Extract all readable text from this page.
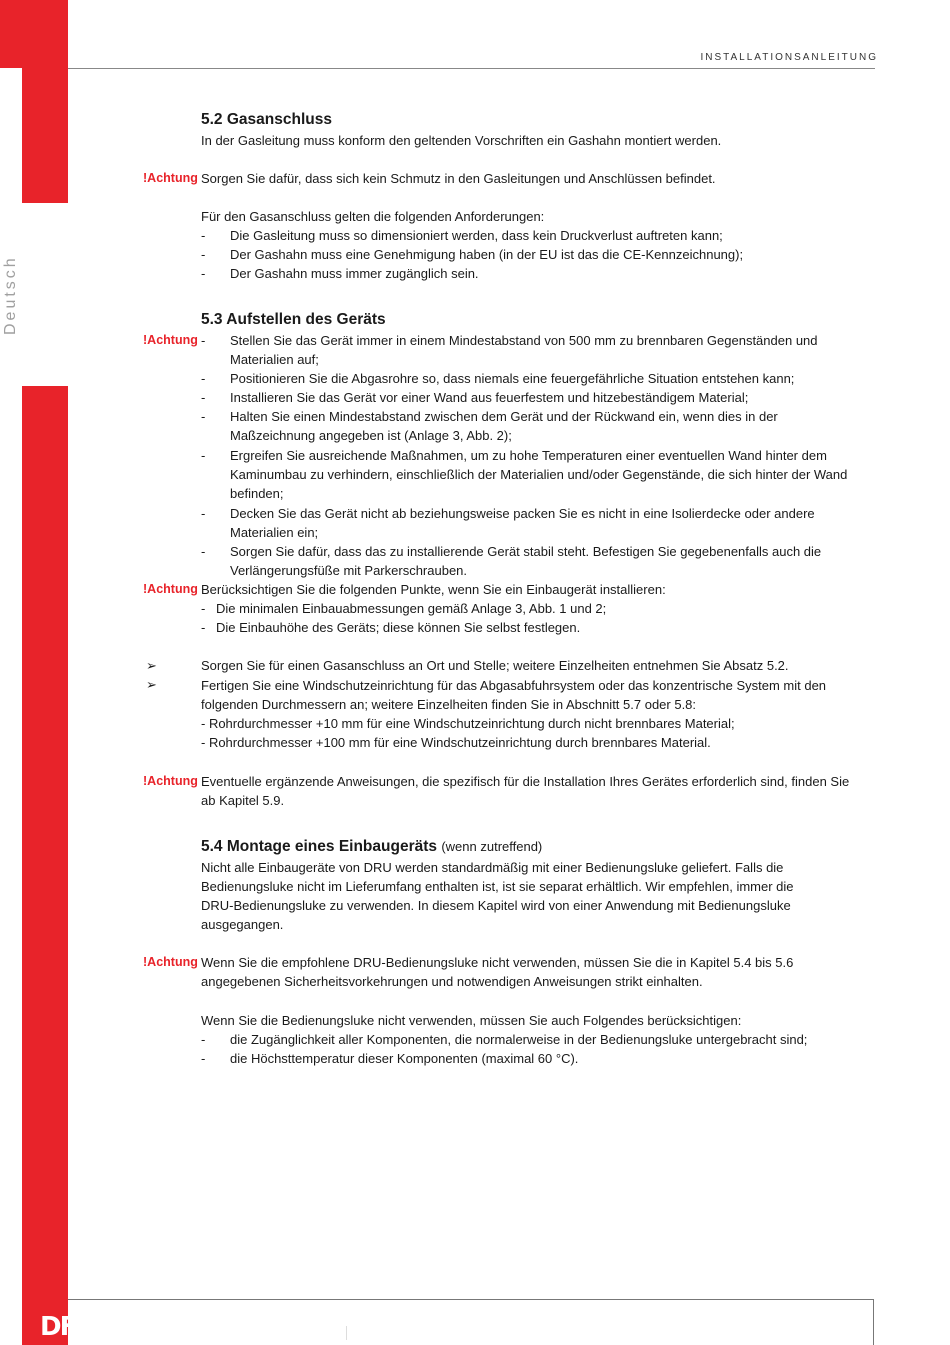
Deutsch
INSTALLATIONSANLEITUNG
DF
5.2 Gasanschluss
In der Gasleitung muss konform den geltenden Vorschriften ein Gashahn montiert werden.
!Achtung Sorgen Sie dafür, dass sich kein Schmutz in den Gasleitungen und Anschlüssen befindet.
Für den Gasanschluss gelten die folgenden Anforderungen:
- Die Gasleitung muss so dimensioniert werden, dass kein Druckverlust auftreten kann;
- Der Gashahn muss eine Genehmigung haben (in der EU ist das die CE-Kennzeichnung);
- Der Gashahn muss immer zugänglich sein.
5.3 Aufstellen des Geräts
!Achtung - Stellen Sie das Gerät immer in einem Mindestabstand von 500 mm zu brennbaren Gegenständen und
Materialien auf;
- Positionieren Sie die Abgasrohre so, dass niemals eine feuergefährliche Situation entstehen kann;
- Installieren Sie das Gerät vor einer Wand aus feuerfestem und hitzebeständigem Material;
- Halten Sie einen Mindestabstand zwischen dem Gerät und der Rückwand ein, wenn dies in der
Maßzeichnung angegeben ist (Anlage 3, Abb. 2);
- Ergreifen Sie ausreichende Maßnahmen, um zu hohe Temperaturen einer eventuellen Wand hinter dem
Kaminumbau zu verhindern, einschließlich der Materialien und/oder Gegenstände, die sich hinter der Wand
befinden;
- Decken Sie das Gerät nicht ab beziehungsweise packen Sie es nicht in eine Isolierdecke oder andere
Materialien ein;
- Sorgen Sie dafür, dass das zu installierende Gerät stabil steht. Befestigen Sie gegebenenfalls auch die
Verlängerungsfüße mit Parkerschrauben.
!Achtung Berücksichtigen Sie die folgenden Punkte, wenn Sie ein Einbaugerät installieren:
- Die minimalen Einbauabmessungen gemäß Anlage 3, Abb. 1 und 2;
- Die Einbauhöhe des Geräts; diese können Sie selbst festlegen.
➢	Sorgen Sie für einen Gasanschluss an Ort und Stelle; weitere Einzelheiten entnehmen Sie Absatz 5.2.
➢	Fertigen Sie eine Windschutzeinrichtung für das Abgasabfuhrsystem oder das konzentrische System mit den
folgenden Durchmessern an; weitere Einzelheiten finden Sie in Abschnitt 5.7 oder 5.8:
- Rohrdurchmesser +10 mm für eine Windschutzeinrichtung durch nicht brennbares Material;
- Rohrdurchmesser +100 mm für eine Windschutzeinrichtung durch brennbares Material.
!Achtung Eventuelle ergänzende Anweisungen, die spezifisch für die Installation Ihres Gerätes erforderlich sind, finden Sie
ab Kapitel 5.9.
5.4 Montage eines Einbaugeräts (wenn zutreffend)
Nicht alle Einbaugeräte von DRU werden standardmäßig mit einer Bedienungsluke geliefert. Falls die
Bedienungsluke nicht im Lieferumfang enthalten ist, ist sie separat erhältlich. Wir empfehlen, immer die
DRU-Bedienungsluke zu verwenden. In diesem Kapitel wird von einer Anwendung mit Bedienungsluke
ausgegangen.
!Achtung Wenn Sie die empfohlene DRU-Bedienungsluke nicht verwenden, müssen Sie die in Kapitel 5.4 bis 5.6
angegebenen Sicherheitsvorkehrungen und notwendigen Anweisungen strikt einhalten.
Wenn Sie die Bedienungsluke nicht verwenden, müssen Sie auch Folgendes berücksichtigen:
- die Zugänglichkeit aller Komponenten, die normalerweise in der Bedienungsluke untergebracht sind;
- die Höchsttemperatur dieser Komponenten (maximal 60 °C).
